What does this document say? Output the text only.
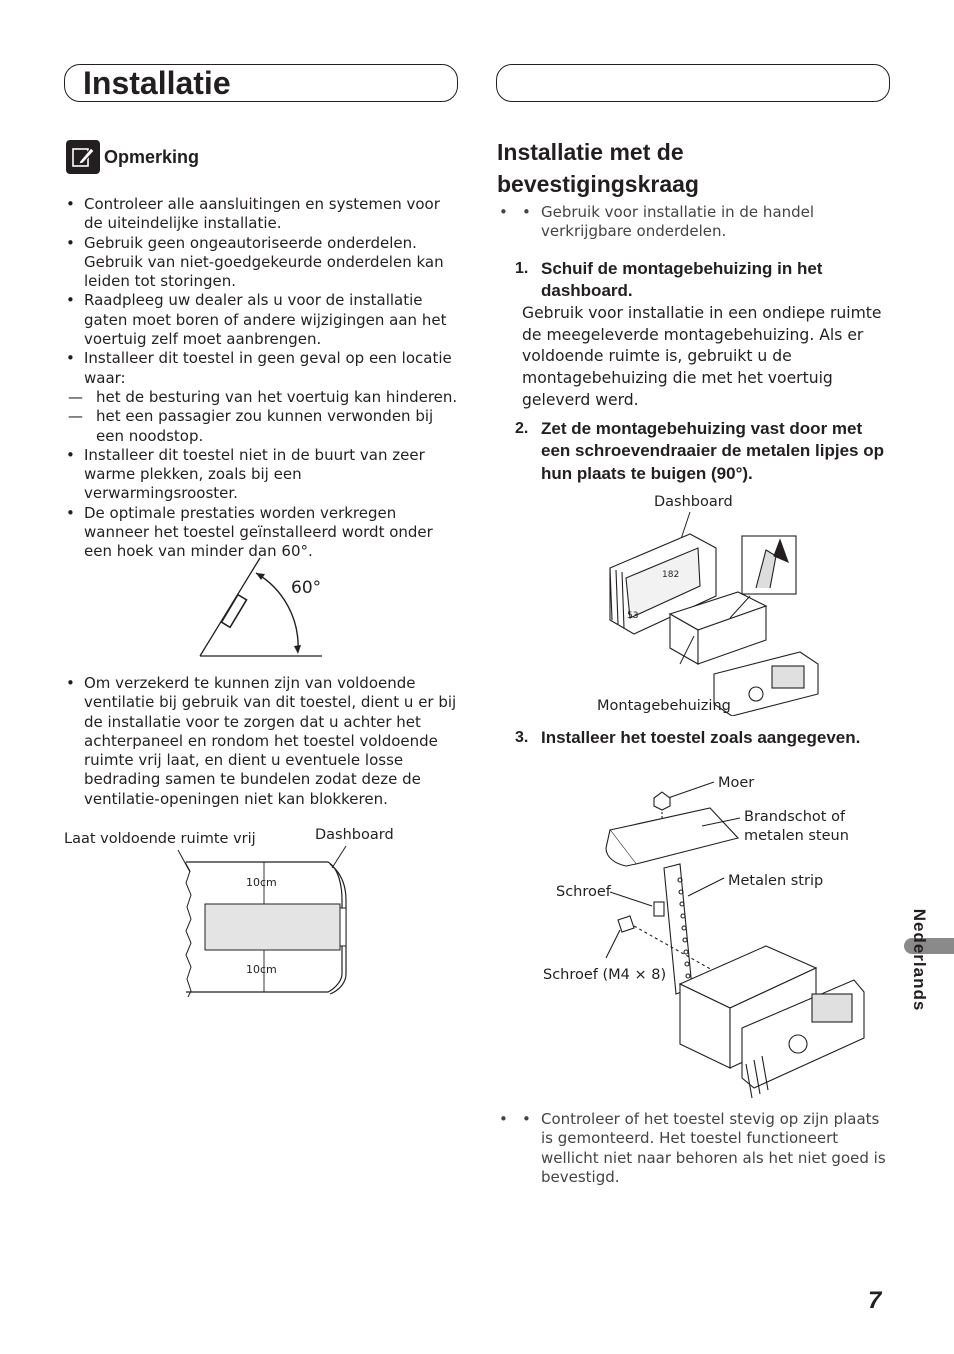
Installatie
Opmerking
• Controleer alle aansluitingen en systemen voor de uiteindelijke installatie.
• Gebruik geen ongeautoriseerde onderdelen. Gebruik van niet-goedgekeurde onderdelen kan leiden tot storingen.
• Raadpleeg uw dealer als u voor de installatie gaten moet boren of andere wijzigingen aan het voertuig zelf moet aanbrengen.
• Installeer dit toestel in geen geval op een locatie waar:
— het de besturing van het voertuig kan hinderen.
— het een passagier zou kunnen verwonden bij een noodstop.
• Installeer dit toestel niet in de buurt van zeer warme plekken, zoals bij een verwarmingsrooster.
• De optimale prestaties worden verkregen wanneer het toestel geïnstalleerd wordt onder een hoek van minder dan 60°.
60°
• Om verzekerd te kunnen zijn van voldoende ventilatie bij gebruik van dit toestel, dient u er bij de installatie voor te zorgen dat u achter het achterpaneel en rondom het toestel voldoende ruimte vrij laat, en dient u eventuele losse bedrading samen te bundelen zodat deze de ventilatie-openingen niet kan blokkeren.
Laat voldoende ruimte vrij	Dashboard
10cm
10cm
Installatie met de
bevestigingskraag
• • Gebruik voor installatie in de handel verkrijgbare onderdelen.
1. Schuif de montagebehuizing in het dashboard.
Gebruik voor installatie in een ondiepe ruimte de meegeleverde montagebehuizing. Als er voldoende ruimte is, gebruikt u de montagebehuizing die met het voertuig geleverd werd.
2. Zet de montagebehuizing vast door met een schroevendraaier de metalen lipjes op hun plaats te buigen (90°).
Dashboard
182
53
Montagebehuizing
3. Installeer het toestel zoals aangegeven.
Moer
Brandschot of
metalen steun
Metalen strip
Schroef
Schroef (M4 × 8)
• • Controleer of het toestel stevig op zijn plaats is gemonteerd. Het toestel functioneert wellicht niet naar behoren als het niet goed is bevestigd.
Nederlands
7
